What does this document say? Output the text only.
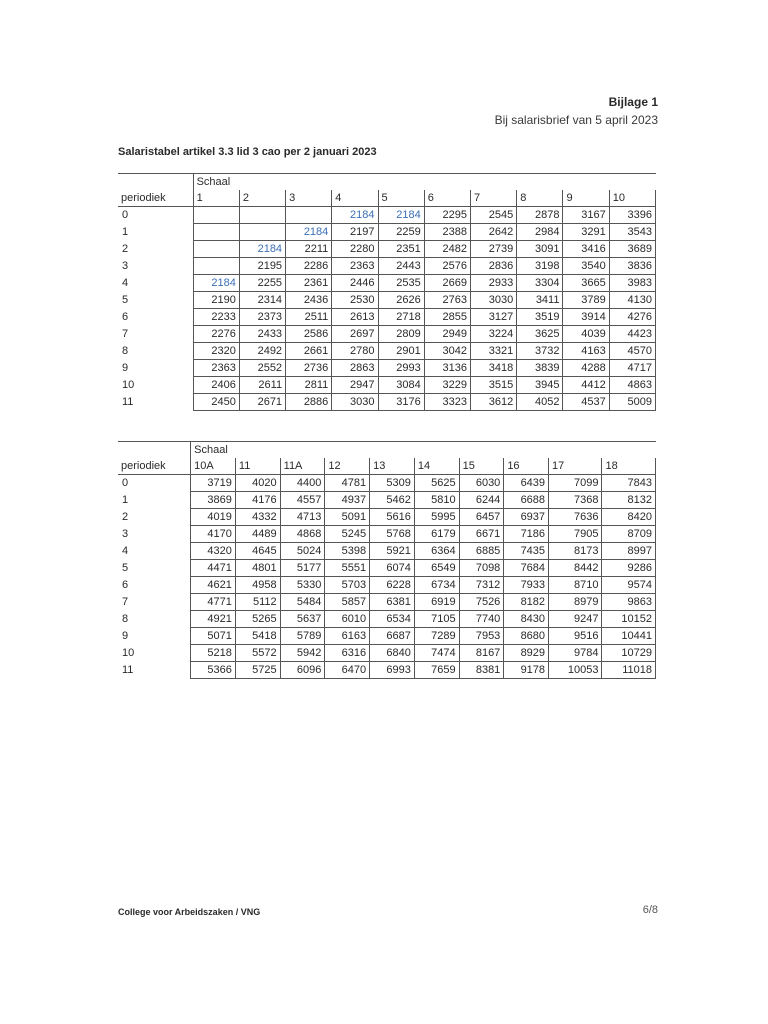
Bijlage 1
Bij salarisbrief van 5 april 2023
Salaristabel artikel 3.3 lid 3 cao per 2 januari 2023
	Schaal									
periodiek	1	2	3	4	5	6	7	8	9	10
0				2184	2184	2295	2545	2878	3167	3396
1			2184	2197	2259	2388	2642	2984	3291	3543
2		2184	2211	2280	2351	2482	2739	3091	3416	3689
3		2195	2286	2363	2443	2576	2836	3198	3540	3836
4	2184	2255	2361	2446	2535	2669	2933	3304	3665	3983
5	2190	2314	2436	2530	2626	2763	3030	3411	3789	4130
6	2233	2373	2511	2613	2718	2855	3127	3519	3914	4276
7	2276	2433	2586	2697	2809	2949	3224	3625	4039	4423
8	2320	2492	2661	2780	2901	3042	3321	3732	4163	4570
9	2363	2552	2736	2863	2993	3136	3418	3839	4288	4717
10	2406	2611	2811	2947	3084	3229	3515	3945	4412	4863
11	2450	2671	2886	3030	3176	3323	3612	4052	4537	5009
	Schaal									
periodiek	10A	11	11A	12	13	14	15	16	17	18
0	3719	4020	4400	4781	5309	5625	6030	6439	7099	7843
1	3869	4176	4557	4937	5462	5810	6244	6688	7368	8132
2	4019	4332	4713	5091	5616	5995	6457	6937	7636	8420
3	4170	4489	4868	5245	5768	6179	6671	7186	7905	8709
4	4320	4645	5024	5398	5921	6364	6885	7435	8173	8997
5	4471	4801	5177	5551	6074	6549	7098	7684	8442	9286
6	4621	4958	5330	5703	6228	6734	7312	7933	8710	9574
7	4771	5112	5484	5857	6381	6919	7526	8182	8979	9863
8	4921	5265	5637	6010	6534	7105	7740	8430	9247	10152
9	5071	5418	5789	6163	6687	7289	7953	8680	9516	10441
10	5218	5572	5942	6316	6840	7474	8167	8929	9784	10729
11	5366	5725	6096	6470	6993	7659	8381	9178	10053	11018
College voor Arbeidszaken / VNG	6/8
